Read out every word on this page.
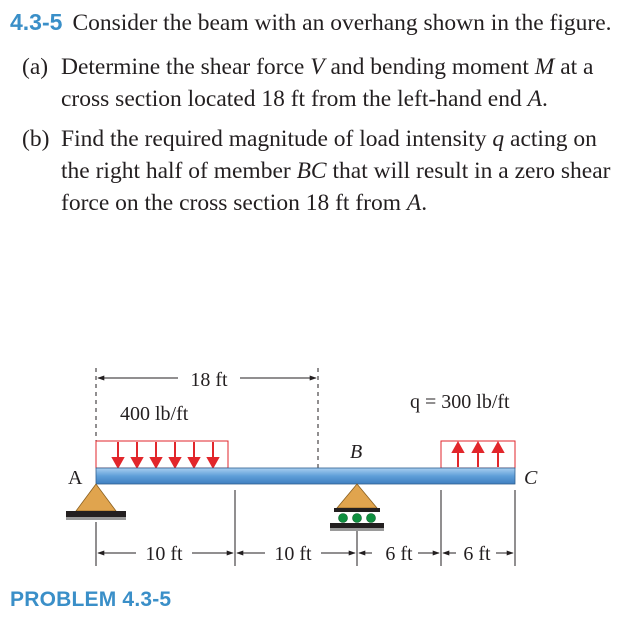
4.3-5 Consider the beam with an overhang shown in the figure.

(a) Determine the shear force V and bending moment M at a cross section located 18 ft from the left-hand end A.

(b) Find the required magnitude of load intensity q acting on the right half of member BC that will result in a zero shear force on the cross section 18 ft from A.

18 ft
400 lb/ft
q = 300 lb/ft
A
B
C
10 ft	10 ft	6 ft	6 ft
PROBLEM 4.3-5
